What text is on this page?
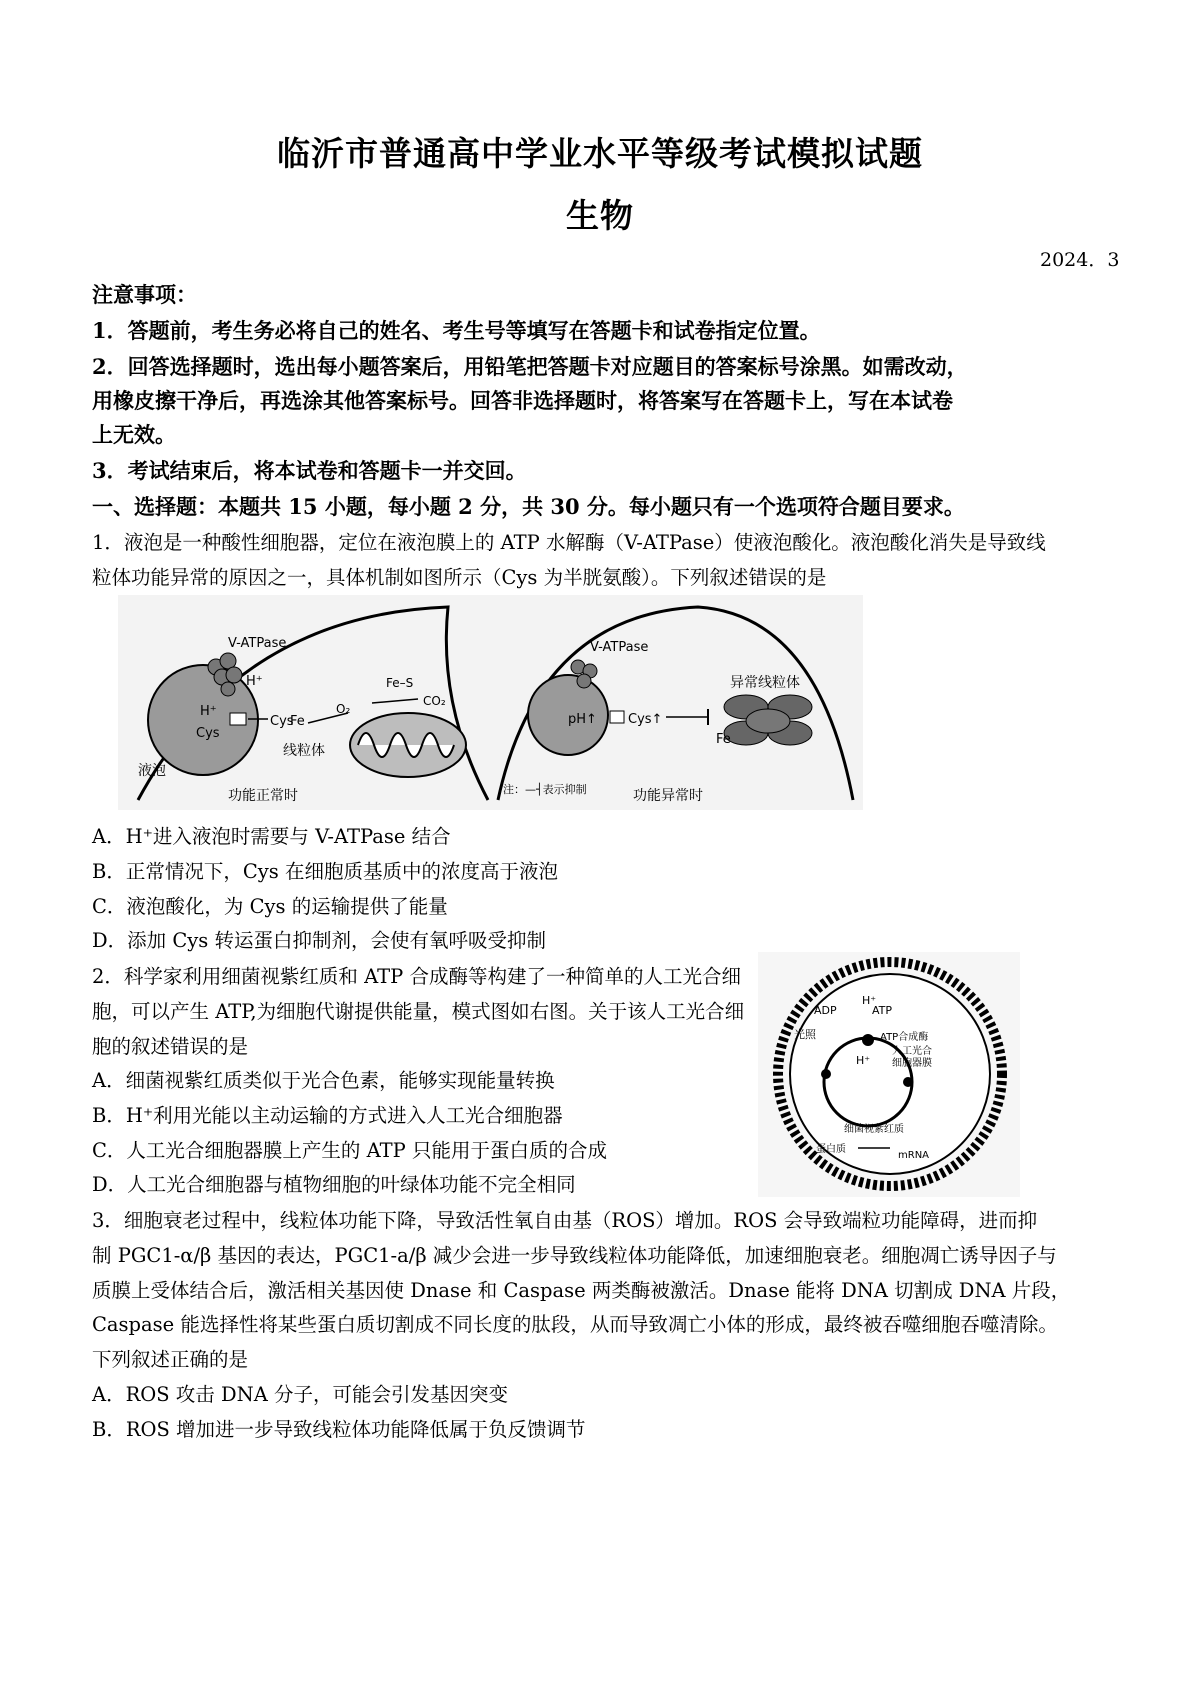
临沂市普通高中学业水平等级考试模拟试题
生物
2024．3
注意事项：
1．答题前，考生务必将自己的姓名、考生号等填写在答题卡和试卷指定位置。
2．回答选择题时，选出每小题答案后，用铅笔把答题卡对应题目的答案标号涂黑。如需改动，
用橡皮擦干净后，再选涂其他答案标号。回答非选择题时，将答案写在答题卡上，写在本试卷
上无效。
3．考试结束后，将本试卷和答题卡一并交回。
一、选择题：本题共 15 小题，每小题 2 分，共 30 分。每小题只有一个选项符合题目要求。
1．液泡是一种酸性细胞器，定位在液泡膜上的 ATP 水解酶（V-ATPase）使液泡酸化。液泡酸化消失是导致线
粒体功能异常的原因之一，具体机制如图所示（Cys 为半胱氨酸）。下列叙述错误的是
V-ATPase
H⁺
H⁺
Cys
Cys
Fe
O₂
Fe–S
CO₂
液泡
线粒体
功能正常时
V-ATPase
pH↑ Cys↑
Fe
异常线粒体
注：—┤表示抑制	功能异常时
A．H⁺进入液泡时需要与 V-ATPase 结合
B．正常情况下，Cys 在细胞质基质中的浓度高于液泡
C．液泡酸化，为 Cys 的运输提供了能量
D．添加 Cys 转运蛋白抑制剂，会使有氧呼吸受抑制
2．科学家利用细菌视紫红质和 ATP 合成酶等构建了一种简单的人工光合细
胞，可以产生 ATP,为细胞代谢提供能量，模式图如右图。关于该人工光合细
胞的叙述错误的是
A．细菌视紫红质类似于光合色素，能够实现能量转换
B．H⁺利用光能以主动运输的方式进入人工光合细胞器
C．人工光合细胞器膜上产生的 ATP 只能用于蛋白质的合成
D．人工光合细胞器与植物细胞的叶绿体功能不完全相同
ADP
H⁺
ATP
H⁺
光照	ATP合成酶
人工光合
细胞器膜
细菌视紫红质
蛋白质
mRNA
3．细胞衰老过程中，线粒体功能下降，导致活性氧自由基（ROS）增加。ROS 会导致端粒功能障碍，进而抑
制 PGC1-α/β 基因的表达，PGC1-a/β 减少会进一步导致线粒体功能降低，加速细胞衰老。细胞凋亡诱导因子与
质膜上受体结合后，激活相关基因使 Dnase 和 Caspase 两类酶被激活。Dnase 能将 DNA 切割成 DNA 片段，
Caspase 能选择性将某些蛋白质切割成不同长度的肽段，从而导致凋亡小体的形成，最终被吞噬细胞吞噬清除。
下列叙述正确的是
A．ROS 攻击 DNA 分子，可能会引发基因突变
B．ROS 增加进一步导致线粒体功能降低属于负反馈调节
